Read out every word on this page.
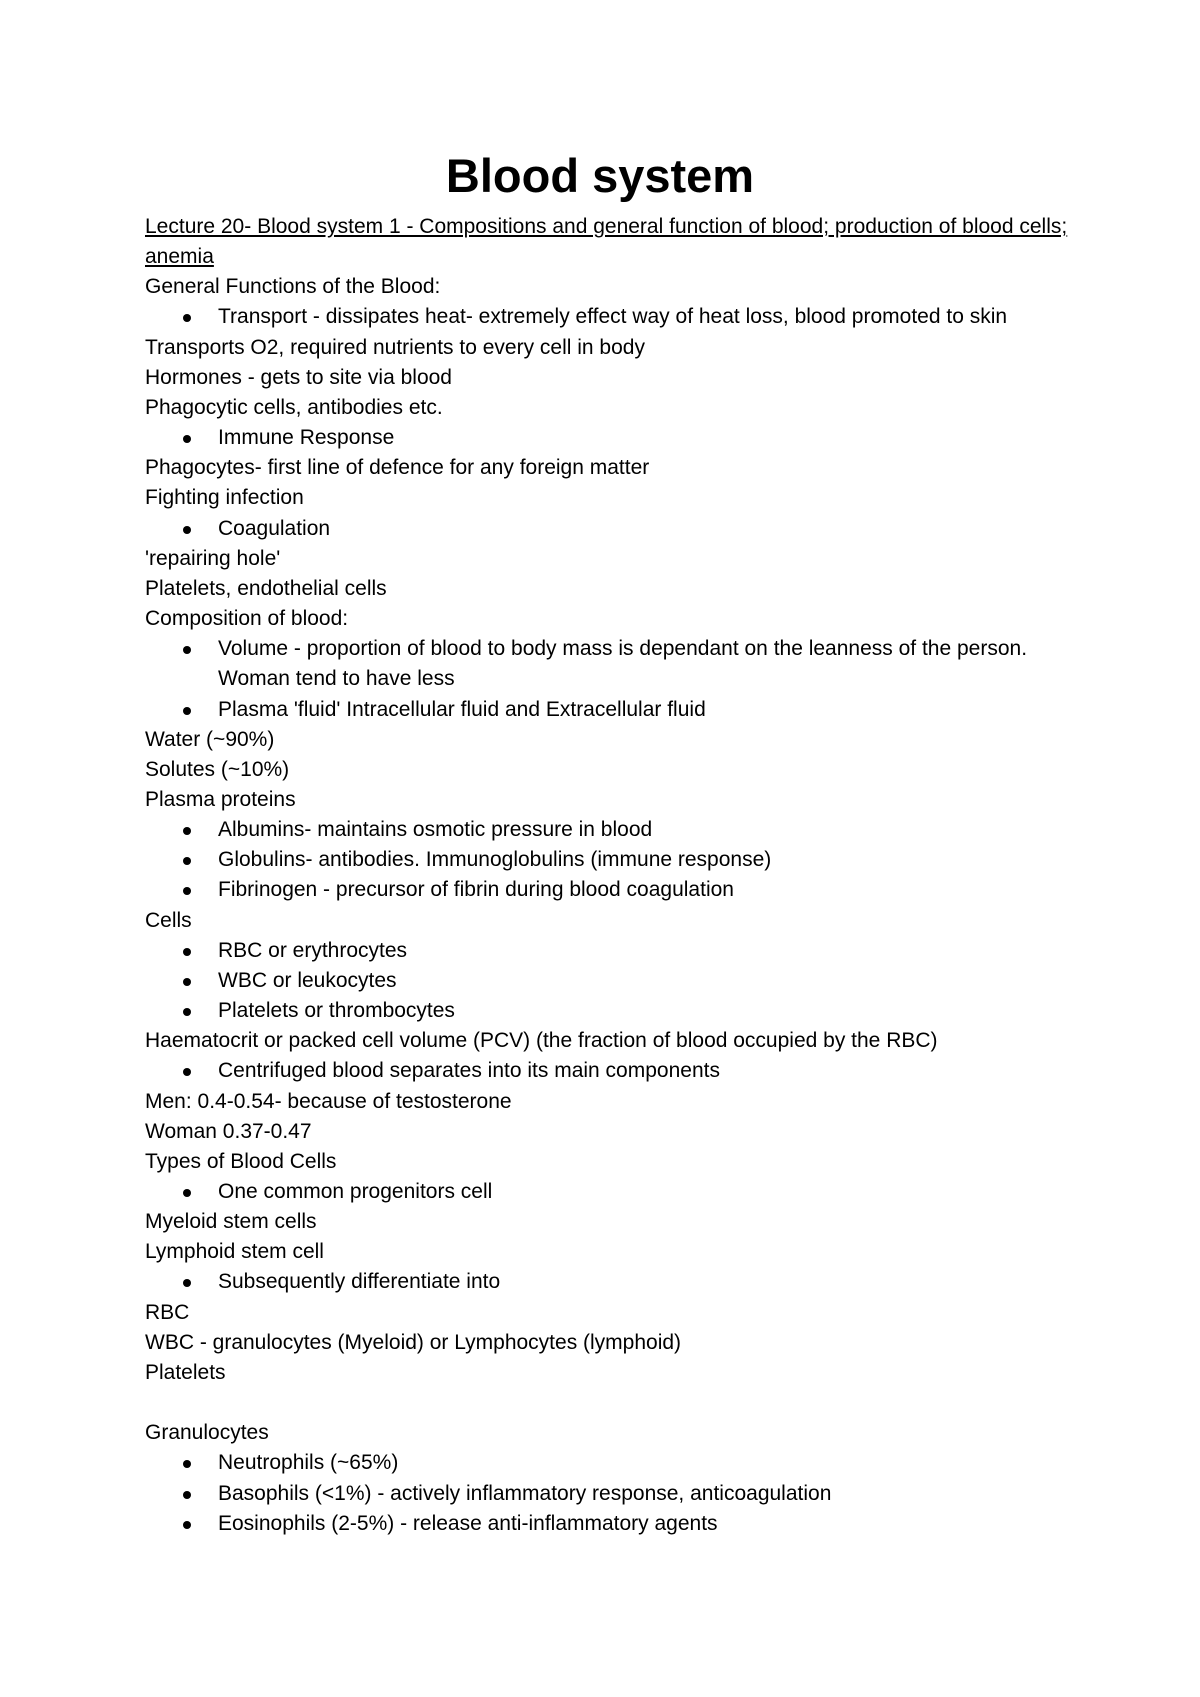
Blood system
Lecture 20- Blood system 1 - Compositions and general function of blood; production of blood cells; anemia
General Functions of the Blood:
Transport - dissipates heat- extremely effect way of heat loss, blood promoted to skin
Transports O2, required nutrients to every cell in body
Hormones - gets to site via blood
Phagocytic cells, antibodies etc.
Immune Response
Phagocytes- first line of defence for any foreign matter
Fighting infection
Coagulation
'repairing hole'
Platelets, endothelial cells
Composition of blood:
Volume - proportion of blood to body mass is dependant on the leanness of the person. Woman tend to have less
Plasma 'fluid' Intracellular fluid and Extracellular fluid
Water (~90%)
Solutes (~10%)
Plasma proteins
Albumins- maintains osmotic pressure in blood
Globulins- antibodies. Immunoglobulins (immune response)
Fibrinogen - precursor of fibrin during blood coagulation
Cells
RBC or erythrocytes
WBC or leukocytes
Platelets or thrombocytes
Haematocrit or packed cell volume (PCV) (the fraction of blood occupied by the RBC)
Centrifuged blood separates into its main components
Men: 0.4-0.54- because of testosterone
Woman 0.37-0.47
Types of Blood Cells
One common progenitors cell
Myeloid stem cells
Lymphoid stem cell
Subsequently differentiate into
RBC
WBC - granulocytes (Myeloid) or Lymphocytes (lymphoid)
Platelets
Granulocytes
Neutrophils (~65%)
Basophils (<1%) - actively inflammatory response, anticoagulation
Eosinophils (2-5%) - release anti-inflammatory agents
